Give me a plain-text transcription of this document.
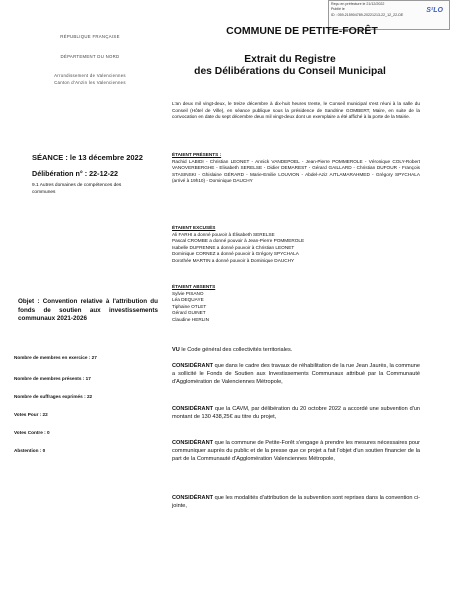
Reçu en préfecture le 21/12/2022
Publié le
ID : 059-215904789-20221213-22_12_22-DE
S²LO
COMMUNE DE PETITE-FORÊT
RÉPUBLIQUE FRANÇAISE
DÉPARTEMENT DU NORD
Arrondissement de Valenciennes
Canton d'Anzin les Valenciennes
Extrait du Registre
des Délibérations du Conseil Municipal
SÉANCE : le 13 décembre 2022
Délibération n° : 22-12-22
9.1 Autres domaines de compétences des communes
Objet : Convention relative à l'attribution du fonds de soutien aux investissements communaux 2021-2026
Nombre de membres en exercice : 27
Nombre de membres présents : 17
Nombre de suffrages exprimés : 22
Votes Pour : 22
Votes Contre : 0
Abstention : 0

L'an deux mil vingt-deux, le treize décembre à dix-huit heures trente, le Conseil municipal s'est réuni à la salle du Conseil (Hôtel de Ville), en séance publique sous la présidence de Sandrine GOMBERT, Maire, en suite de la convocation en date du sept décembre deux mil vingt-deux dont un exemplaire a été affiché à la porte de la Mairie.

ÉTAIENT PRÉSENTS :

Rachid LABIDI - Christian LEONET - Annick VANDEPOEL - Jean-Pierre POMMEROLE - Véronique COLY-Robert VANOVERBERGHE - Elisabeth SERELSE - Didier DEMAREST - Gérard GAILLARD - Christian DUFOUR - François STASINSKI - Ghislaine GÉRARD - Marie-Emilie LOUVION - Abdel-Aziz AITLAMARAHMED - Grégory SPYCHALA (arrivé à 19h10) - Dominique DAUCHY

ÉTAIENT EXCUSÉS

Ali FARHI a donné pouvoir à Élisabeth SERELSE

Pascal CROMBE a donné pouvoir à Jean-Pierre POMMEROLE

Isabelle DUFRENNE a donné pouvoir à Christian LEONET

Dominique CORNEZ a donné pouvoir à Grégory SPYCHALA

Dorothée MARTIN a donné pouvoir à Dominique DAUCHY

ÉTAIENT ABSENTS

Sylvie PISANO

Léa DEQUAYE

Tiphaine OTLET

Gérard GUINET

Claudine HERLIN

VU le Code général des collectivités territoriales.

CONSIDÉRANT que dans le cadre des travaux de réhabilitation de la rue Jean Jaurès, la commune a sollicité le Fonds de Soutien aux Investissements Communaux attribué par la Communauté d'Agglomération de Valenciennes Métropole,

CONSIDÉRANT que la CAVM, par délibération du 20 octobre 2022 a accordé une subvention d'un montant de 130 438,25€ au titre du projet,

CONSIDÉRANT que la commune de Petite-Forêt s'engage à prendre les mesures nécessaires pour communiquer auprès du public et de la presse que ce projet a fait l'objet d'un soutien financier de la part de la Communauté d'Agglomération Valenciennes Métropole,

CONSIDÉRANT que les modalités d'attribution de la subvention sont reprises dans la convention ci-jointe,
